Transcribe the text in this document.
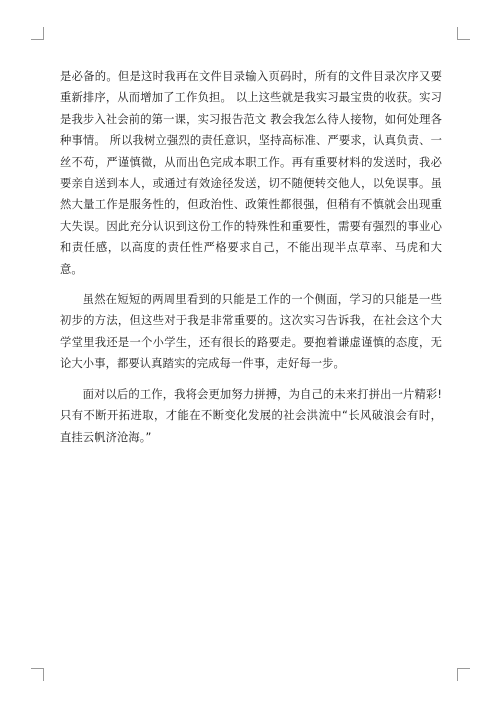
是必备的。但是这时我再在文件目录输入页码时，所有的文件目录次序又要重新排序，从而增加了工作负担。 以上这些就是我实习最宝贵的收获。实习是我步入社会前的第一课，实习报告范文 教会我怎么待人接物，如何处理各种事情。 所以我树立强烈的责任意识，坚持高标准、严要求，认真负责、一丝不苟，严谨慎微，从而出色完成本职工作。再有重要材料的发送时，我必要亲自送到本人，或通过有效途径发送，切不随便转交他人，以免误事。虽然大量工作是服务性的，但政治性、政策性都很强，但稍有不慎就会出现重大失误。因此充分认识到这份工作的特殊性和重要性，需要有强烈的事业心和责任感，以高度的责任性严格要求自己，不能出现半点草率、马虎和大意。

虽然在短短的两周里看到的只能是工作的一个侧面，学习的只能是一些初步的方法，但这些对于我是非常重要的。这次实习告诉我，在社会这个大学堂里我还是一个小学生，还有很长的路要走。要抱着谦虚谨慎的态度，无论大小事，都要认真踏实的完成每一件事，走好每一步。

面对以后的工作，我将会更加努力拼搏，为自己的未来打拼出一片精彩!只有不断开拓进取，才能在不断变化发展的社会洪流中“长风破浪会有时，直挂云帆济沧海。”
